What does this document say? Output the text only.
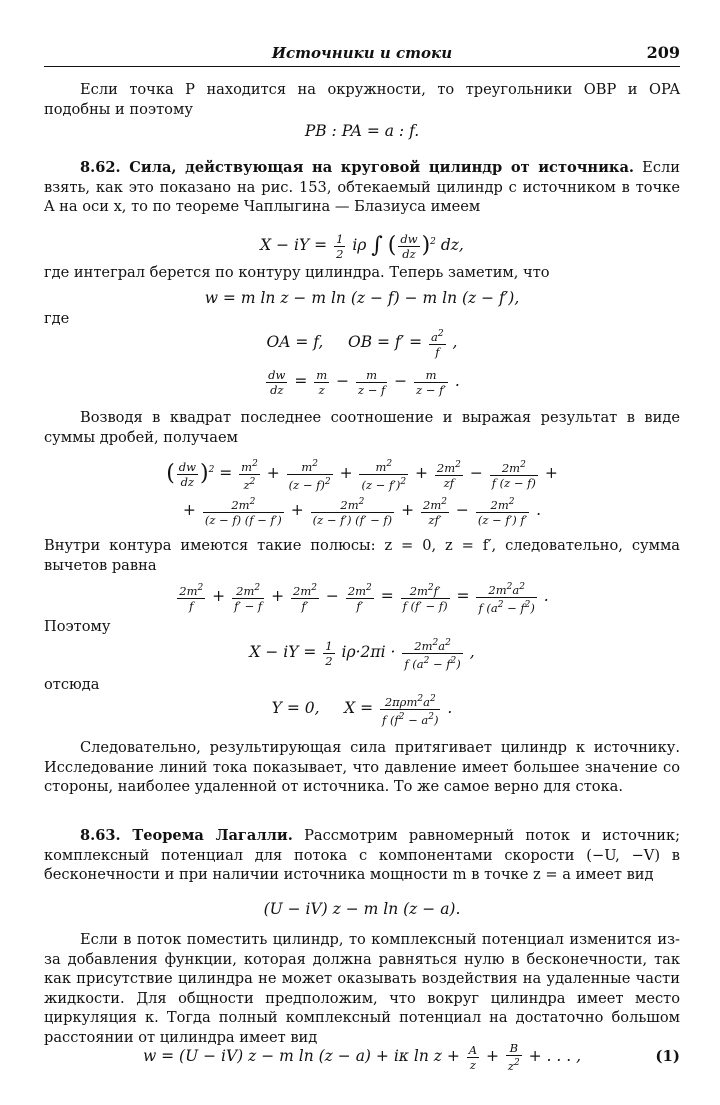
Источники и стоки	209

Если точка P находится на окружности, то треугольники OBP и OPA подобны и поэтому

PB : PA = a : f.

8.62. Сила, действующая на круговой цилиндр от источника. Если взять, как это показано на рис. 153, обтекаемый цилиндр с источником в точке A на оси x, то по теореме Чаплыгина — Блазиуса имеем

X − iY = $\frac{1}{2}$ iρ ∫ ( $\frac{dw}{dz} )^2$ dz,

где интеграл берется по контуру цилиндра. Теперь заметим, что

w = m ln z − m ln (z − f) − m ln (z − f′),
где
OA = f,     OB = $f' = \frac{a^2}{f}$ ,
$\frac{dw}{dz} = \frac{m}{z} - \frac{m}{z - f} - \frac{m}{z - f'}$ .

Возводя в квадрат последнее соотношение и выражая результат в виде суммы дробей, получаем

( $\frac{dw}{dz} )^2 = \frac{m^2}{z^2} + \frac{m^2}{(z - f)^2} + \frac{m^2}{(z - f')^2} + \frac{2m^2}{zf} - \frac{2m^2}{f (z - f)}$ +
+ $\frac{2m^2}{(z - f) (f - f')} + \frac{2m^2}{(z - f') (f' - f)} + \frac{2m^2}{zf'} - \frac{2m^2}{(z - f') f'}$ .

Внутри контура имеются такие полюсы: z = 0, z = f′, следовательно, сумма вычетов равна

$\frac{2m^2}{f} + \frac{2m^2}{f' - f} + \frac{2m^2}{f'} - \frac{2m^2}{f'} = \frac{2m^2f'}{f (f' - f)} = \frac{2m^2a^2}{f (a^2 - f^2)}$ .
Поэтому
X − iY = $\frac{1}{2} i\rho\cdot 2\pi i \cdot \frac{2m^2a^2}{f (a^2 - f^2)}$ ,
отсюда
Y = 0,     $X = \frac{2\pi\rho m^2a^2}{f (f^2 - a^2)}$ .

Следовательно, результирующая сила притягивает цилиндр к источнику. Исследование линий тока показывает, что давление имеет большее значение со стороны, наиболее удаленной от источника. То же самое верно для стока.

8.63. Теорема Лагалли. Рассмотрим равномерный поток и источник; комплексный потенциал для потока с компонентами скорости (−U, −V) в бесконечности и при наличии источника мощности m в точке z = a имеет вид

(U − iV) z − m ln (z − a).

Если в поток поместить цилиндр, то комплексный потенциал изменится из-за добавления функции, которая должна равняться нулю в бесконечности, так как присутствие цилиндра не может оказывать воздействия на удаленные части жидкости. Для общности предположим, что вокруг цилиндра имеет место циркуляция κ. Тогда полный комплексный потенциал на достаточно большом расстоянии от цилиндра имеет вид

w = (U − iV) z − m ln (z − a) + iκ $\ln z + \frac{A}{z} + \frac{B}{z^2}$ + . . . ,	(1)
